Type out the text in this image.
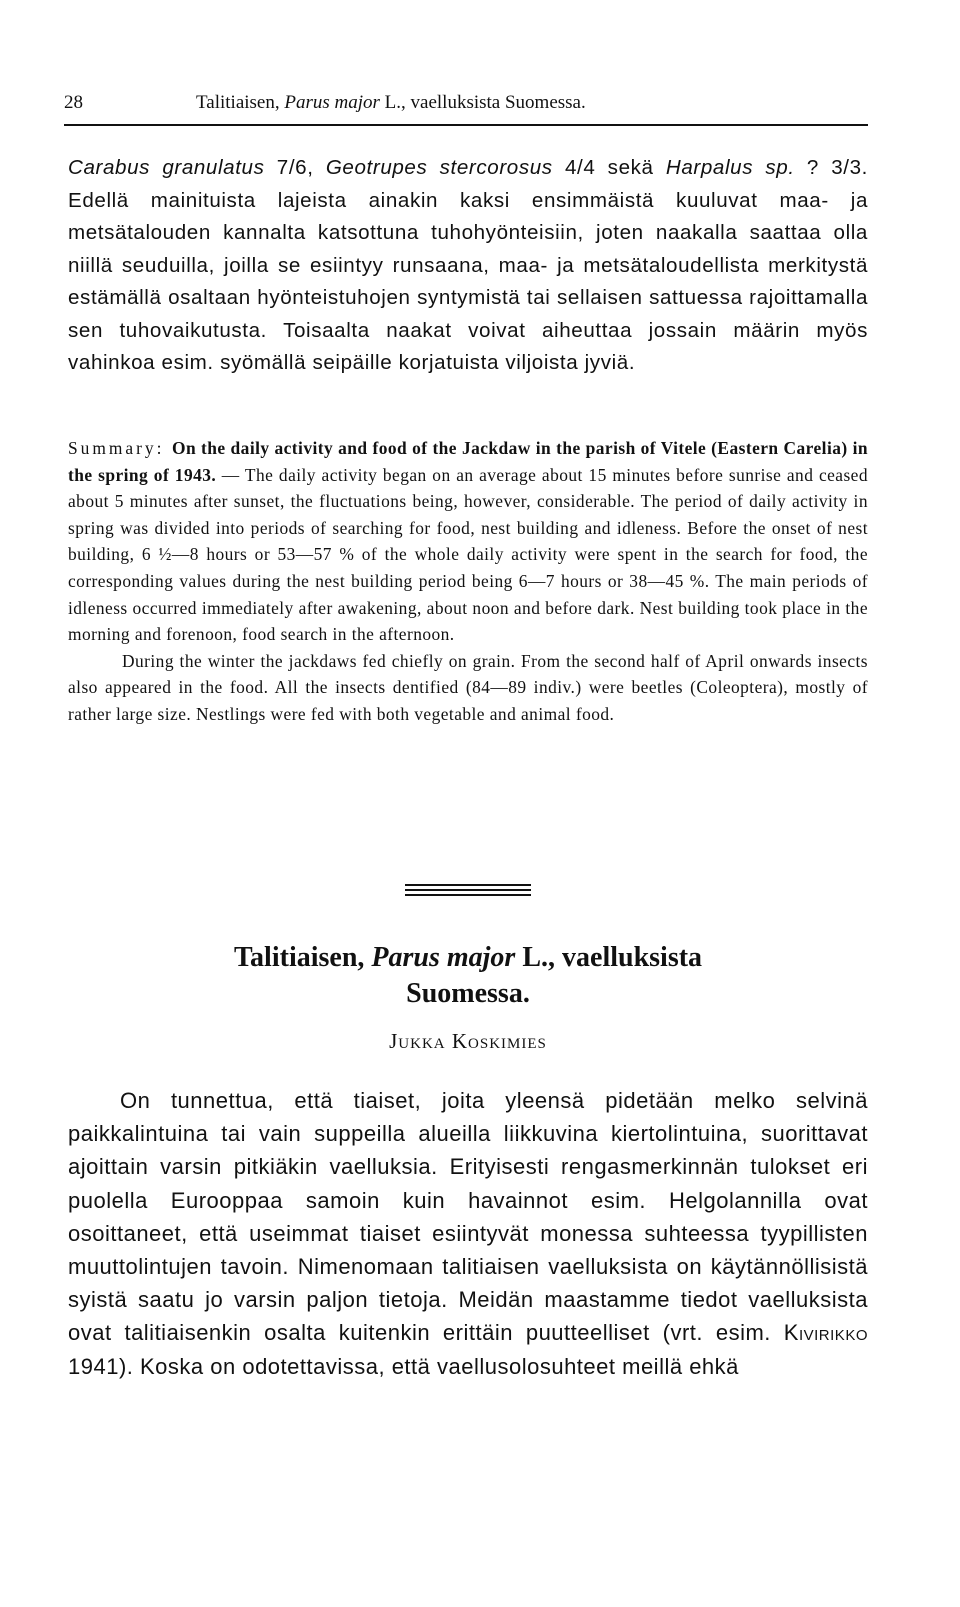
28	Talitiaisen, Parus major L., vaelluksista Suomessa.

Carabus granulatus 7/6, Geotrupes stercorosus 4/4 sekä Harpalus sp. ? 3/3. Edellä mainituista lajeista ainakin kaksi ensimmäistä kuuluvat maa- ja metsätalouden kannalta katsottuna tuhohyönteisiin, joten naakalla saattaa olla niillä seuduilla, joilla se esiintyy runsaana, maa- ja metsätaloudellista merkitystä estämällä osaltaan hyönteistuhojen syntymistä tai sellaisen sattuessa rajoittamalla sen tuhovaikutusta. Toisaalta naakat voivat aiheuttaa jossain määrin myös vahinkoa esim. syömällä seipäille korjatuista viljoista jyviä.

Summary: On the daily activity and food of the Jackdaw in the parish of Vitele (Eastern Carelia) in the spring of 1943. — The daily activity began on an average about 15 minutes before sunrise and ceased about 5 minutes after sunset, the fluctuations being, however, considerable. The period of daily activity in spring was divided into periods of searching for food, nest building and idleness. Before the onset of nest building, 6 ½—8 hours or 53—57 % of the whole daily activity were spent in the search for food, the corresponding values during the nest building period being 6—7 hours or 38—45 %. The main periods of idleness occurred immediately after awakening, about noon and before dark. Nest building took place in the morning and forenoon, food search in the afternoon.

During the winter the jackdaws fed chiefly on grain. From the second half of April onwards insects also appeared in the food. All the insects dentified (84—89 indiv.) were beetles (Coleoptera), mostly of rather large size. Nestlings were fed with both vegetable and animal food.

Talitiaisen, Parus major L., vaelluksista
Suomessa.
Jukka Koskimies

On tunnettua, että tiaiset, joita yleensä pidetään melko selvinä paikkalintuina tai vain suppeilla alueilla liikkuvina kiertolintuina, suorittavat ajoittain varsin pitkiäkin vaelluksia. Erityisesti rengasmerkinnän tulokset eri puolella Eurooppaa samoin kuin havainnot esim. Helgolannilla ovat osoittaneet, että useimmat tiaiset esiintyvät monessa suhteessa tyypillisten muuttolintujen tavoin. Nimenomaan talitiaisen vaelluksista on käytännöllisistä syistä saatu jo varsin paljon tietoja. Meidän maastamme tiedot vaelluksista ovat talitiaisenkin osalta kuitenkin erittäin puutteelliset (vrt. esim. Kivirikko 1941). Koska on odotettavissa, että vaellusolosuhteet meillä ehkä
